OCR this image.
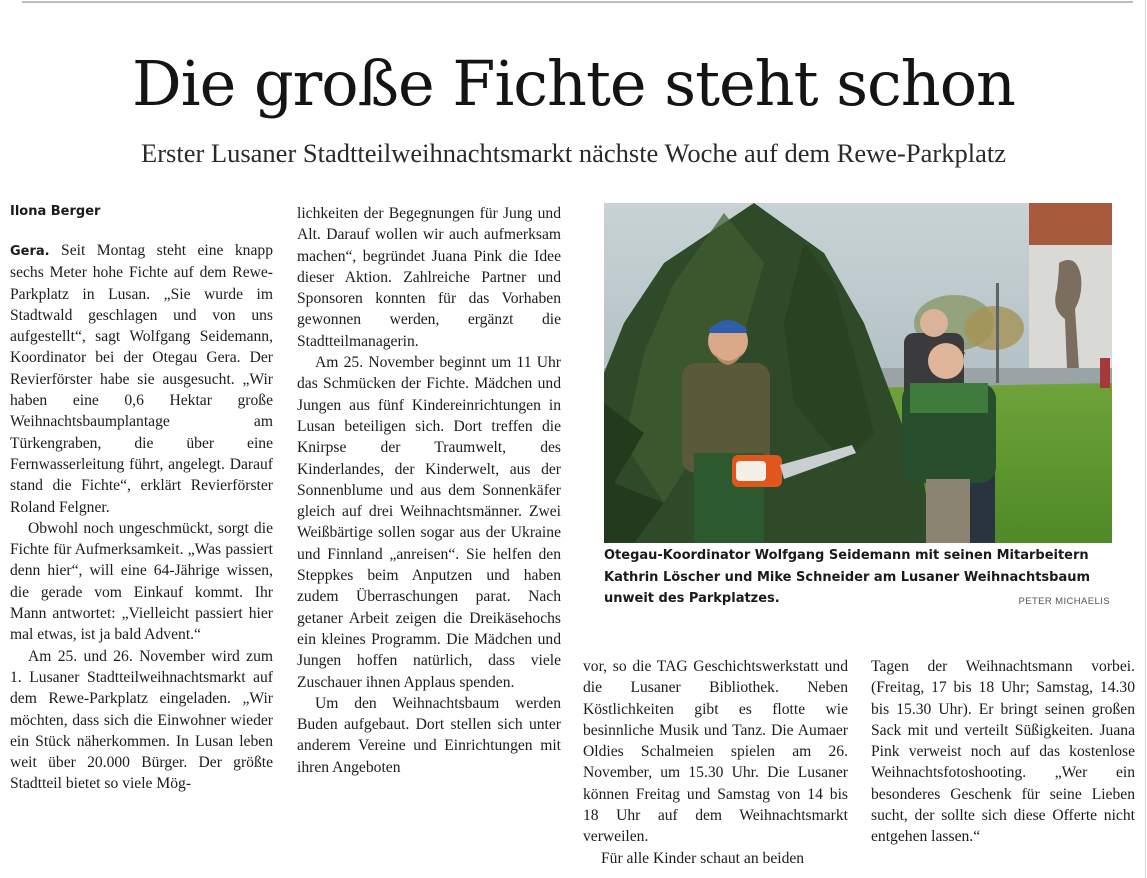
Die große Fichte steht schon
Erster Lusaner Stadtteilweihnachtsmarkt nächste Woche auf dem Rewe-Parkplatz
Ilona Berger

Gera. Seit Montag steht eine knapp sechs Meter hohe Fichte auf dem Rewe-Parkplatz in Lusan. „Sie wurde im Stadtwald geschlagen und von uns aufgestellt“, sagt Wolfgang Seidemann, Koordinator bei der Otegau Gera. Der Revierförster habe sie ausgesucht. „Wir haben eine 0,6 Hektar große Weihnachtsbaumplantage am Türkengraben, die über eine Fernwasserleitung führt, angelegt. Darauf stand die Fichte“, erklärt Revierförster Roland Felgner.

Obwohl noch ungeschmückt, sorgt die Fichte für Aufmerksamkeit. „Was passiert denn hier“, will eine 64-Jährige wissen, die gerade vom Einkauf kommt. Ihr Mann antwortet: „Vielleicht passiert hier mal etwas, ist ja bald Advent.“

Am 25. und 26. November wird zum 1. Lusaner Stadtteilweihnachtsmarkt auf dem Rewe-Parkplatz eingeladen. „Wir möchten, dass sich die Einwohner wieder ein Stück näherkommen. In Lusan leben weit über 20.000 Bürger. Der größte Stadtteil bietet so viele Mög-

lichkeiten der Begegnungen für Jung und Alt. Darauf wollen wir auch aufmerksam machen“, begründet Juana Pink die Idee dieser Aktion. Zahlreiche Partner und Sponsoren konnten für das Vorhaben gewonnen werden, ergänzt die Stadtteilmanagerin.

Am 25. November beginnt um 11 Uhr das Schmücken der Fichte. Mädchen und Jungen aus fünf Kindereinrichtungen in Lusan beteiligen sich. Dort treffen die Knirpse der Traumwelt, des Kinderlandes, der Kinderwelt, aus der Sonnenblume und aus dem Sonnenkäfer gleich auf drei Weihnachtsmänner. Zwei Weißbärtige sollen sogar aus der Ukraine und Finnland „anreisen“. Sie helfen den Steppkes beim Anputzen und haben zudem Überraschungen parat. Nach getaner Arbeit zeigen die Dreikäsehochs ein kleines Programm. Die Mädchen und Jungen hoffen natürlich, dass viele Zuschauer ihnen Applaus spenden.

Um den Weihnachtsbaum werden Buden aufgebaut. Dort stellen sich unter anderem Vereine und Einrichtungen mit ihren Angeboten

Otegau-Koordinator Wolfgang Seidemann mit seinen Mitarbeitern Kathrin Löscher und Mike Schneider am Lusaner Weihnachtsbaum unweit des Parkplatzes.	PETER MICHAELIS

vor, so die TAG Geschichtswerkstatt und die Lusaner Bibliothek. Neben Köstlichkeiten gibt es flotte wie besinnliche Musik und Tanz. Die Aumaer Oldies Schalmeien spielen am 26. November, um 15.30 Uhr. Die Lusaner können Freitag und Samstag von 14 bis 18 Uhr auf dem Weihnachtsmarkt verweilen.

Für alle Kinder schaut an beiden

Tagen der Weihnachtsmann vorbei. (Freitag, 17 bis 18 Uhr; Samstag, 14.30 bis 15.30 Uhr). Er bringt seinen großen Sack mit und verteilt Süßigkeiten. Juana Pink verweist noch auf das kostenlose Weihnachtsfotoshooting. „Wer ein besonderes Geschenk für seine Lieben sucht, der sollte sich diese Offerte nicht entgehen lassen.“
